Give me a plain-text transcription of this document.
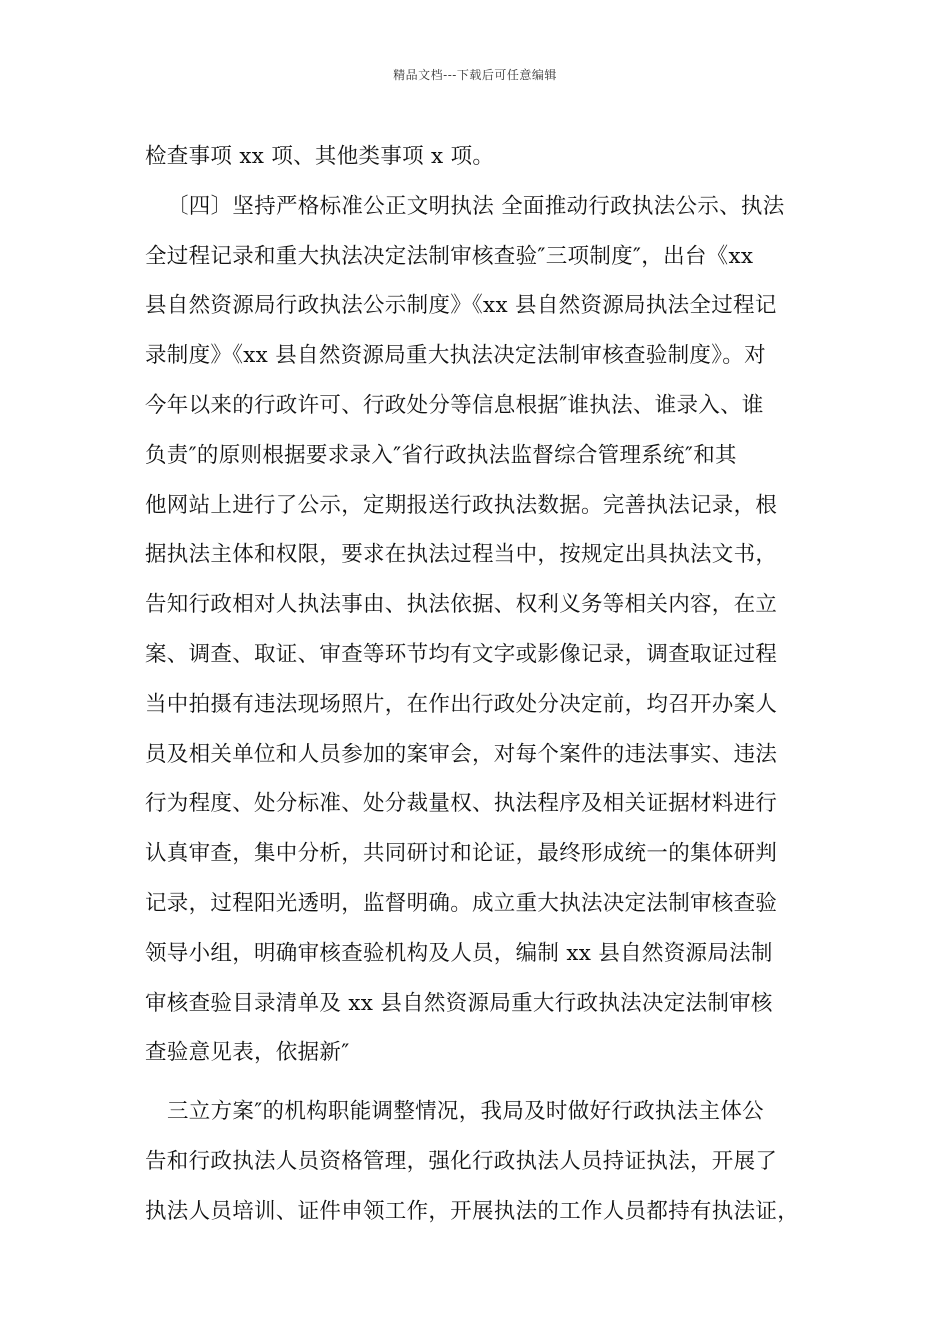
精品文档---下载后可任意编辑
检查事项 xx 项、其他类事项 x 项。
〔四〕坚持严格标准公正文明执法 全面推动行政执法公示、执法
全过程记录和重大执法决定法制审核查验″三项制度″，出台《xx
县自然资源局行政执法公示制度》《xx 县自然资源局执法全过程记
录制度》《xx 县自然资源局重大执法决定法制审核查验制度》。对
今年以来的行政许可、行政处分等信息根据″谁执法、谁录入、谁
负责″的原则根据要求录入″省行政执法监督综合管理系统″和其
他网站上进行了公示，定期报送行政执法数据。完善执法记录，根
据执法主体和权限，要求在执法过程当中，按规定出具执法文书，
告知行政相对人执法事由、执法依据、权利义务等相关内容，在立
案、调查、取证、审查等环节均有文字或影像记录，调查取证过程
当中拍摄有违法现场照片，在作出行政处分决定前，均召开办案人
员及相关单位和人员参加的案审会，对每个案件的违法事实、违法
行为程度、处分标准、处分裁量权、执法程序及相关证据材料进行
认真审查，集中分析，共同研讨和论证，最终形成统一的集体研判
记录，过程阳光透明，监督明确。成立重大执法决定法制审核查验
领导小组，明确审核查验机构及人员，编制 xx 县自然资源局法制
审核查验目录清单及 xx 县自然资源局重大行政执法决定法制审核
查验意见表，依据新″
三立方案″的机构职能调整情况，我局及时做好行政执法主体公
告和行政执法人员资格管理，强化行政执法人员持证执法，开展了
执法人员培训、证件申领工作，开展执法的工作人员都持有执法证，
